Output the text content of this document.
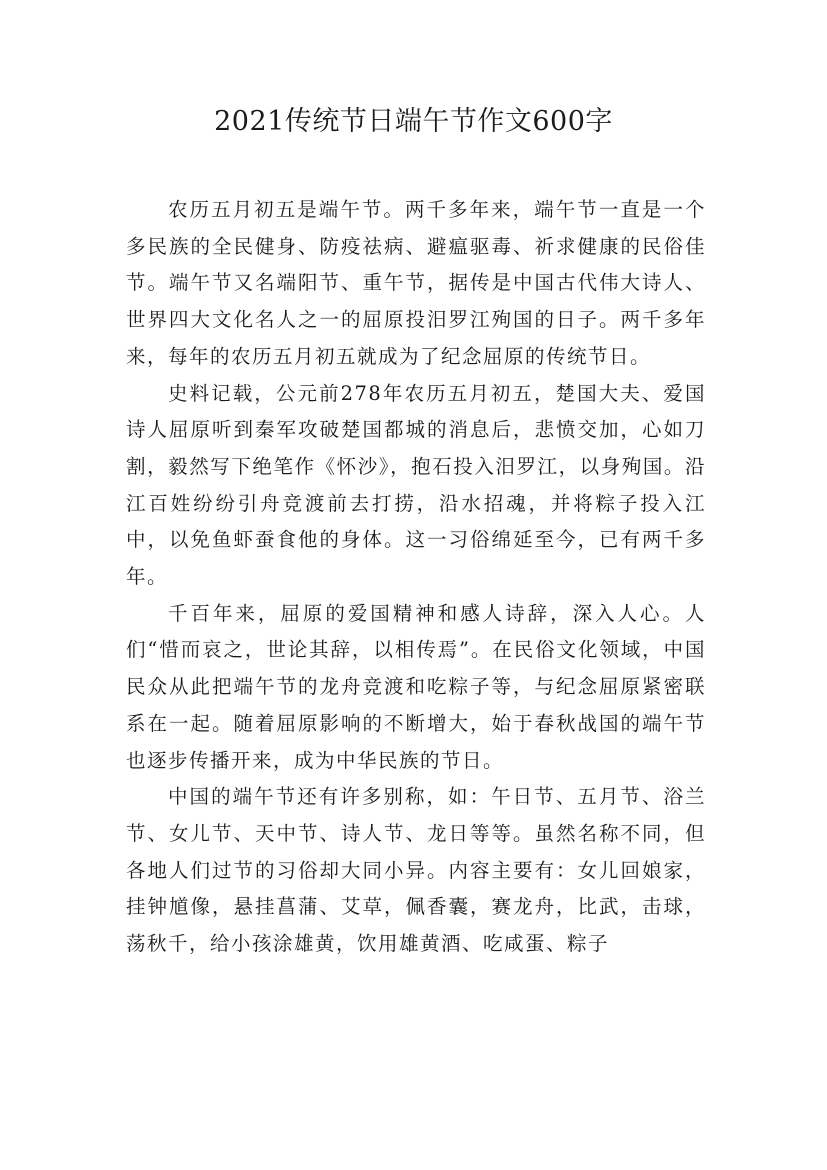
2021传统节日端午节作文600字

农历五月初五是端午节。两千多年来，端午节一直是一个多民族的全民健身、防疫祛病、避瘟驱毒、祈求健康的民俗佳节。端午节又名端阳节、重午节，据传是中国古代伟大诗人、世界四大文化名人之一的屈原投汨罗江殉国的日子。两千多年来，每年的农历五月初五就成为了纪念屈原的传统节日。

史料记载，公元前278年农历五月初五，楚国大夫、爱国诗人屈原听到秦军攻破楚国都城的消息后，悲愤交加，心如刀割，毅然写下绝笔作《怀沙》，抱石投入汨罗江，以身殉国。沿江百姓纷纷引舟竞渡前去打捞，沿水招魂，并将粽子投入江中，以免鱼虾蚕食他的身体。这一习俗绵延至今，已有两千多年。

千百年来，屈原的爱国精神和感人诗辞，深入人心。人们“惜而哀之，世论其辞，以相传焉”。在民俗文化领域，中国民众从此把端午节的龙舟竞渡和吃粽子等，与纪念屈原紧密联系在一起。随着屈原影响的不断增大，始于春秋战国的端午节也逐步传播开来，成为中华民族的节日。

中国的端午节还有许多别称，如：午日节、五月节、浴兰节、女儿节、天中节、诗人节、龙日等等。虽然名称不同，但各地人们过节的习俗却大同小异。内容主要有：女儿回娘家，挂钟馗像，悬挂菖蒲、艾草，佩香囊，赛龙舟，比武，击球，荡秋千，给小孩涂雄黄，饮用雄黄酒、吃咸蛋、粽子
